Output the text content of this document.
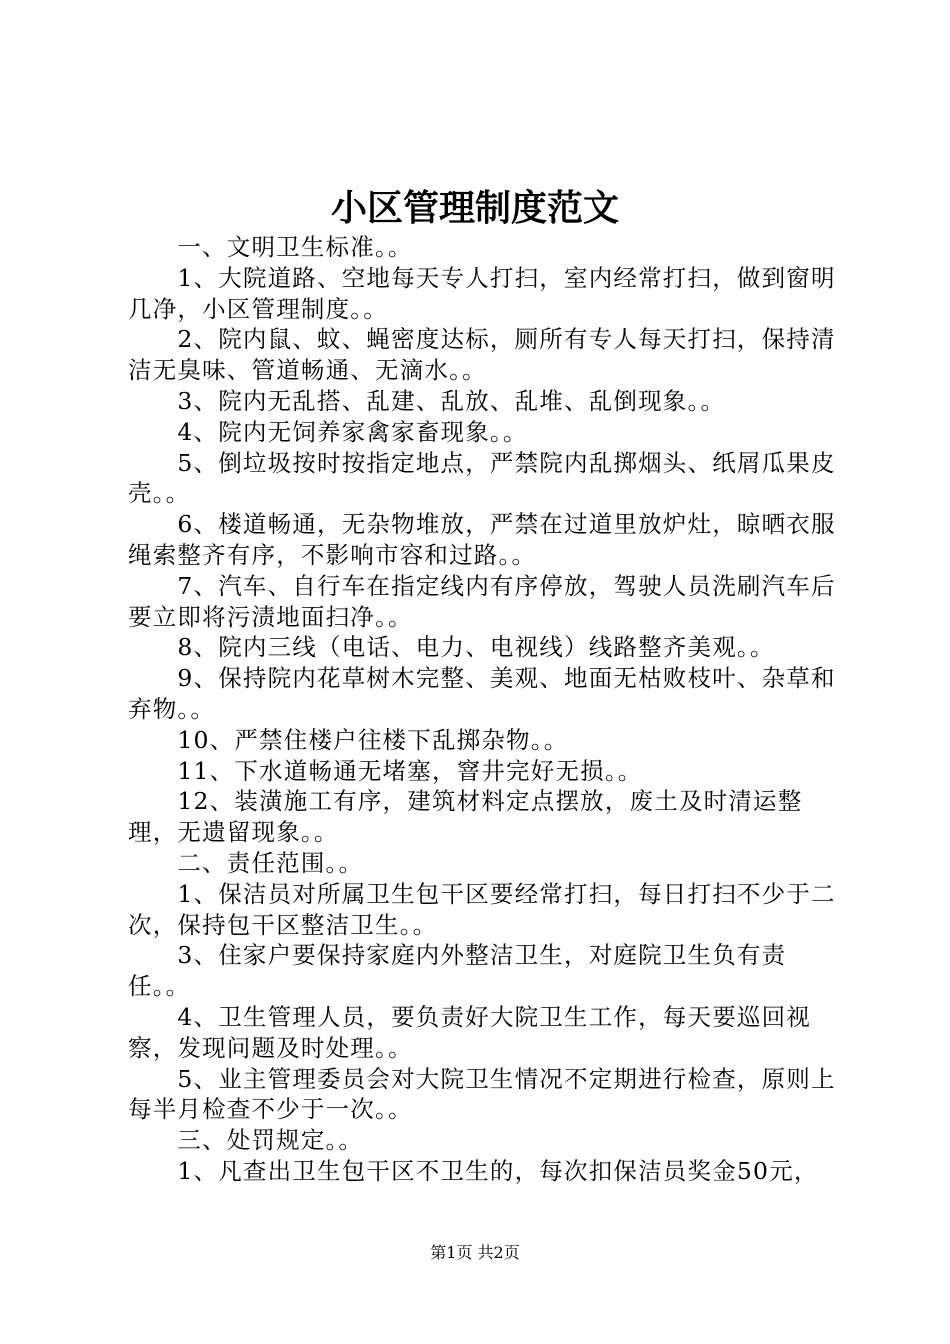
小区管理制度范文

一、文明卫生标准。。

1、大院道路、空地每天专人打扫，室内经常打扫，做到窗明几净，小区管理制度。。

2、院内鼠、蚊、蝇密度达标，厕所有专人每天打扫，保持清洁无臭味、管道畅通、无滴水。。

3、院内无乱搭、乱建、乱放、乱堆、乱倒现象。。

4、院内无饲养家禽家畜现象。。

5、倒垃圾按时按指定地点，严禁院内乱掷烟头、纸屑瓜果皮壳。。

6、楼道畅通，无杂物堆放，严禁在过道里放炉灶，晾晒衣服绳索整齐有序，不影响市容和过路。。

7、汽车、自行车在指定线内有序停放，驾驶人员洗刷汽车后要立即将污渍地面扫净。。

8、院内三线（电话、电力、电视线）线路整齐美观。。

9、保持院内花草树木完整、美观、地面无枯败枝叶、杂草和弃物。。

10、严禁住楼户往楼下乱掷杂物。。

11、下水道畅通无堵塞，窨井完好无损。。

12、装潢施工有序，建筑材料定点摆放，废土及时清运整理，无遗留现象。。

二、责任范围。。

1、保洁员对所属卫生包干区要经常打扫，每日打扫不少于二次，保持包干区整洁卫生。。

3、住家户要保持家庭内外整洁卫生，对庭院卫生负有责任。。

4、卫生管理人员，要负责好大院卫生工作，每天要巡回视察，发现问题及时处理。。

5、业主管理委员会对大院卫生情况不定期进行检查，原则上每半月检查不少于一次。。

三、处罚规定。。

1、凡查出卫生包干区不卫生的，每次扣保洁员奖金50元，

第1页 共2页
